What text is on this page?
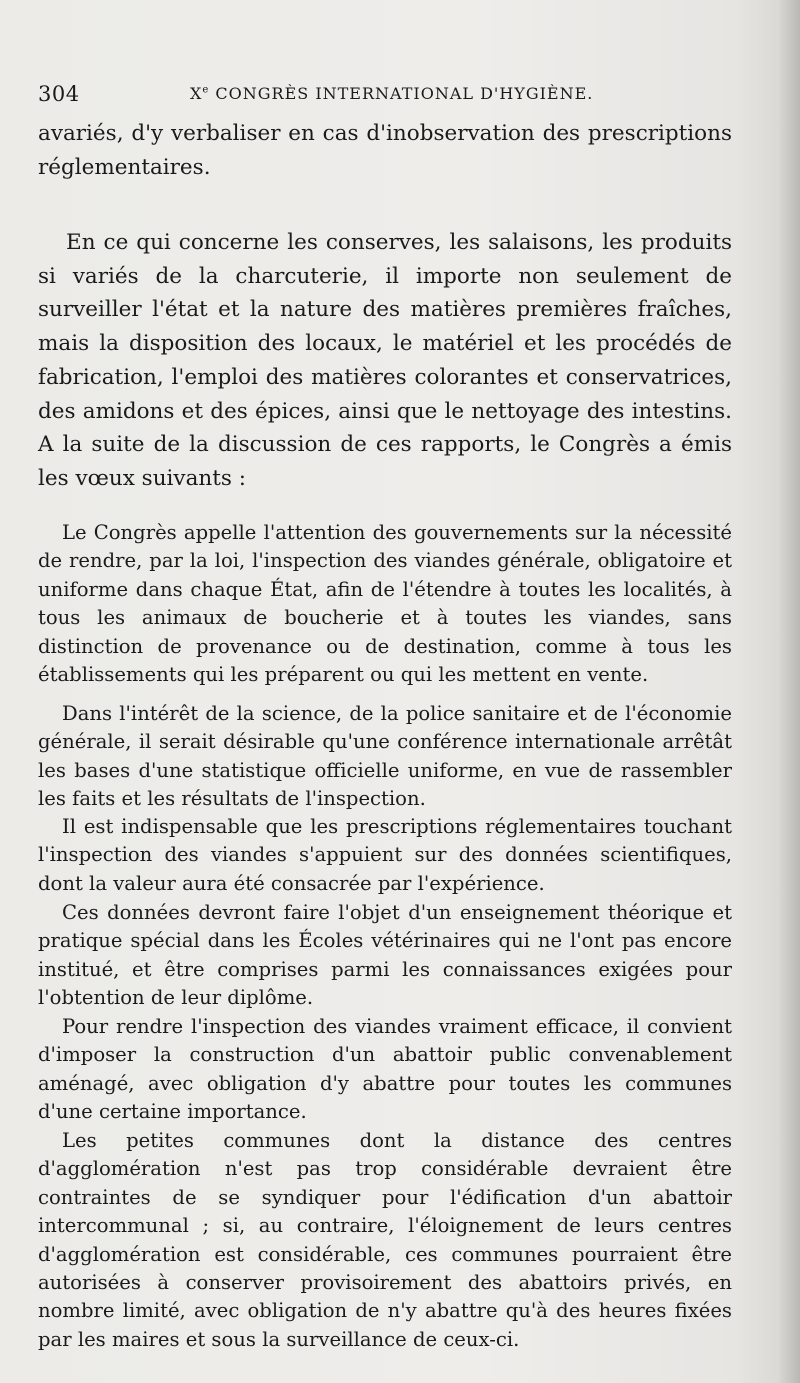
304	Xe CONGRÈS INTERNATIONAL D'HYGIÈNE.

avariés, d'y verbaliser en cas d'inobservation des prescriptions réglementaires.

En ce qui concerne les conserves, les salaisons, les produits si variés de la charcuterie, il importe non seulement de surveiller l'état et la nature des matières premières fraîches, mais la disposition des locaux, le matériel et les procédés de fabrication, l'emploi des matières colorantes et conservatrices, des amidons et des épices, ainsi que le nettoyage des intestins. A la suite de la discussion de ces rapports, le Congrès a émis les vœux suivants :

Le Congrès appelle l'attention des gouvernements sur la nécessité de rendre, par la loi, l'inspection des viandes générale, obligatoire et uniforme dans chaque État, afin de l'étendre à toutes les localités, à tous les animaux de boucherie et à toutes les viandes, sans distinction de provenance ou de destination, comme à tous les établissements qui les préparent ou qui les mettent en vente.

Dans l'intérêt de la science, de la police sanitaire et de l'économie générale, il serait désirable qu'une conférence internationale arrêtât les bases d'une statistique officielle uniforme, en vue de rassembler les faits et les résultats de l'inspection.

Il est indispensable que les prescriptions réglementaires touchant l'inspection des viandes s'appuient sur des données scientifiques, dont la valeur aura été consacrée par l'expérience.

Ces données devront faire l'objet d'un enseignement théorique et pratique spécial dans les Écoles vétérinaires qui ne l'ont pas encore institué, et être comprises parmi les connaissances exigées pour l'obtention de leur diplôme.

Pour rendre l'inspection des viandes vraiment efficace, il convient d'imposer la construction d'un abattoir public convenablement aménagé, avec obligation d'y abattre pour toutes les communes d'une certaine importance.

Les petites communes dont la distance des centres d'agglomération n'est pas trop considérable devraient être contraintes de se syndiquer pour l'édification d'un abattoir intercommunal ; si, au contraire, l'éloignement de leurs centres d'agglomération est considérable, ces communes pourraient être autorisées à conserver provisoirement des abattoirs privés, en nombre limité, avec obligation de n'y abattre qu'à des heures fixées par les maires et sous la surveillance de ceux-ci.
